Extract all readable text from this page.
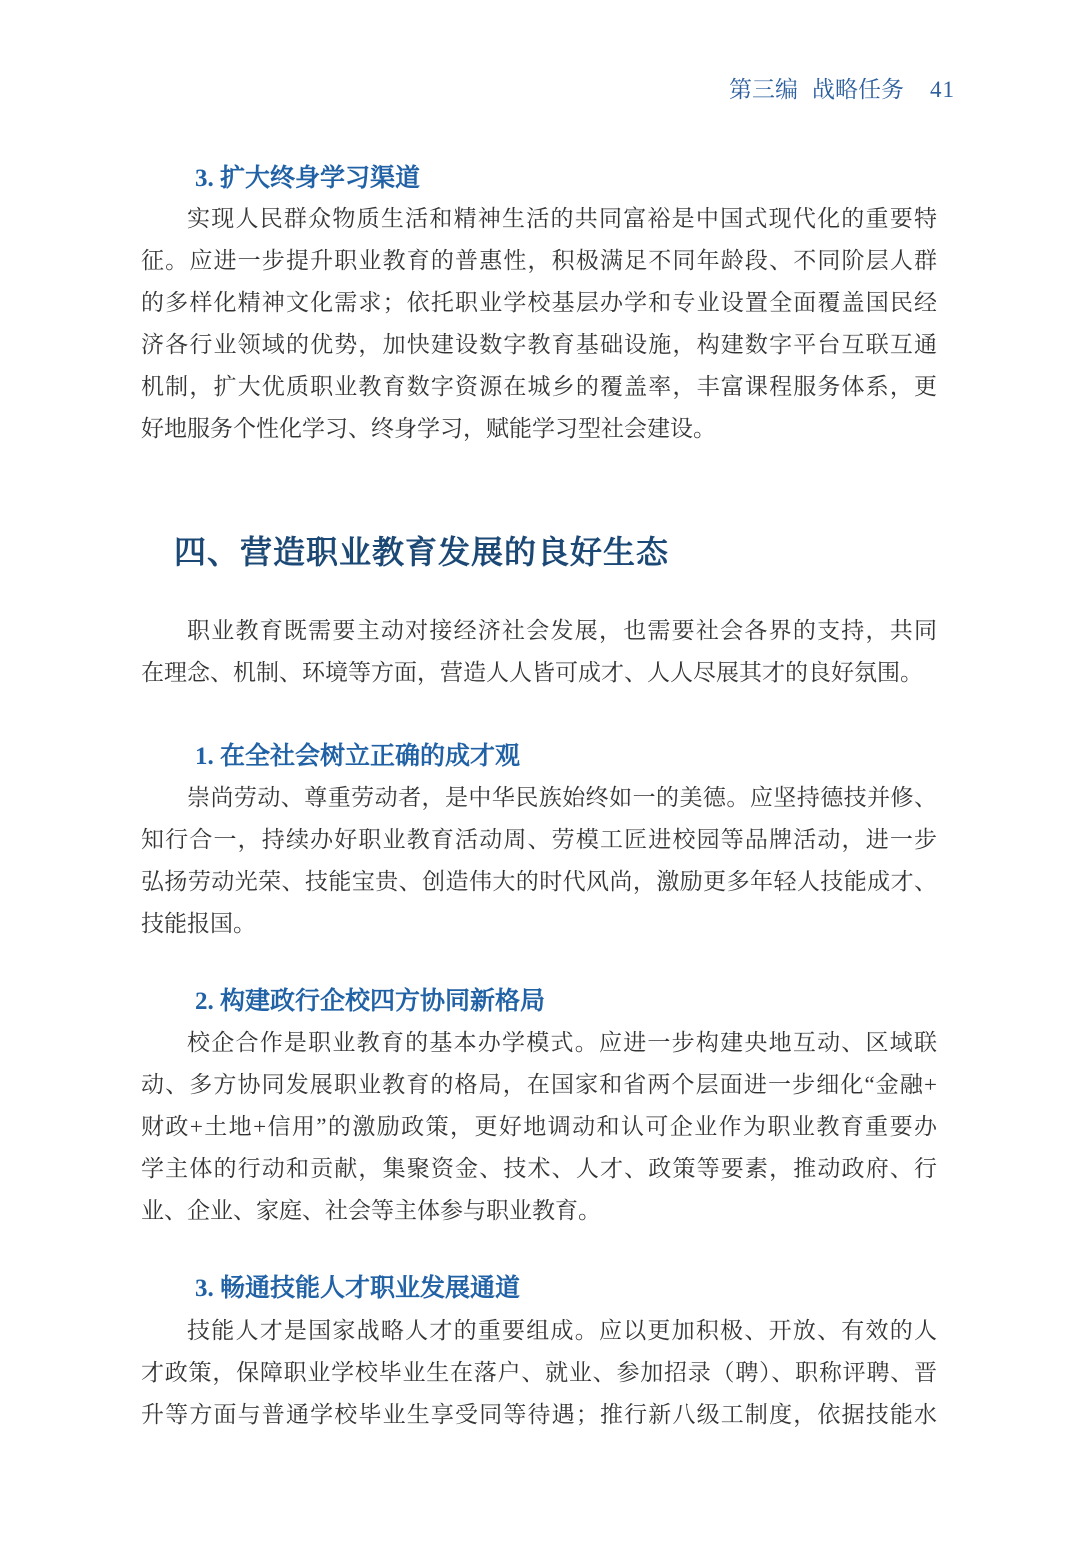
第三编 战略任务 41
3. 扩大终身学习渠道
实现人民群众物质生活和精神生活的共同富裕是中国式现代化的重要特
征。应进一步提升职业教育的普惠性，积极满足不同年龄段、不同阶层人群
的多样化精神文化需求；依托职业学校基层办学和专业设置全面覆盖国民经
济各行业领域的优势，加快建设数字教育基础设施，构建数字平台互联互通
机制，扩大优质职业教育数字资源在城乡的覆盖率，丰富课程服务体系，更
好地服务个性化学习、终身学习，赋能学习型社会建设。
四、营造职业教育发展的良好生态
职业教育既需要主动对接经济社会发展，也需要社会各界的支持，共同
在理念、机制、环境等方面，营造人人皆可成才、人人尽展其才的良好氛围。
1. 在全社会树立正确的成才观
崇尚劳动、尊重劳动者，是中华民族始终如一的美德。应坚持德技并修、
知行合一，持续办好职业教育活动周、劳模工匠进校园等品牌活动，进一步
弘扬劳动光荣、技能宝贵、创造伟大的时代风尚，激励更多年轻人技能成才、
技能报国。
2. 构建政行企校四方协同新格局
校企合作是职业教育的基本办学模式。应进一步构建央地互动、区域联
动、多方协同发展职业教育的格局，在国家和省两个层面进一步细化“金融+
财政+土地+信用”的激励政策，更好地调动和认可企业作为职业教育重要办
学主体的行动和贡献，集聚资金、技术、人才、政策等要素，推动政府、行
业、企业、家庭、社会等主体参与职业教育。
3. 畅通技能人才职业发展通道
技能人才是国家战略人才的重要组成。应以更加积极、开放、有效的人
才政策，保障职业学校毕业生在落户、就业、参加招录（聘）、职称评聘、晋
升等方面与普通学校毕业生享受同等待遇；推行新八级工制度，依据技能水
